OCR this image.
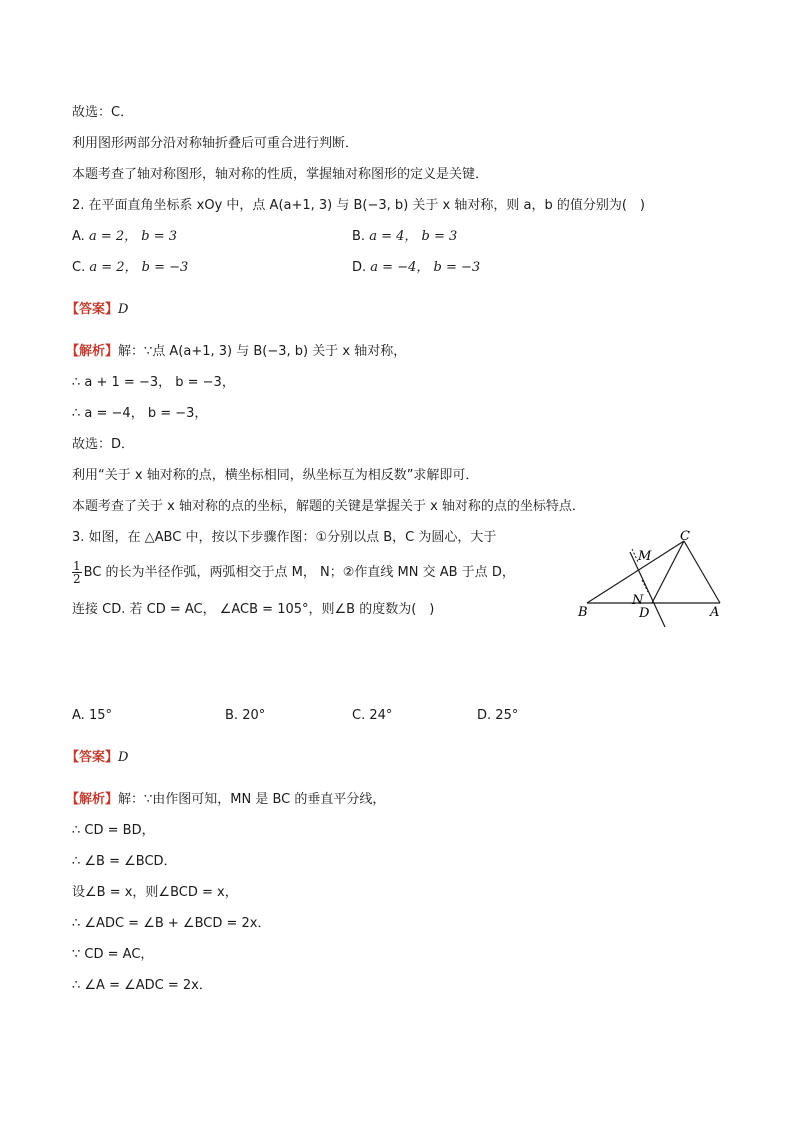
故选：C．
利用图形两部分沿对称轴折叠后可重合进行判断．
本题考查了轴对称图形，轴对称的性质，掌握轴对称图形的定义是关键．
2. 在平面直角坐标系 xOy 中，点 A(a+1, 3) 与 B(−3, b) 关于 x 轴对称，则 a，b 的值分别为(　)
A. a = 2， b = 3	B. a = 4， b = 3
C. a = 2， b = −3	D. a = −4， b = −3
【答案】D
【解析】解：∵点 A(a+1, 3) 与 B(−3, b) 关于 x 轴对称，
∴ a + 1 = −3， b = −3，
∴ a = −4， b = −3，
故选：D．
利用“关于 x 轴对称的点，横坐标相同，纵坐标互为相反数”求解即可．
本题考查了关于 x 轴对称的点的坐标，解题的关键是掌握关于 x 轴对称的点的坐标特点．
3. 如图，在 △ABC 中，按以下步骤作图：①分别以点 B，C 为圆心，大于
$\frac{1}{2}$ BC 的长为半径作弧，两弧相交于点 M， N；②作直线 MN 交 AB 于点 D，
连接 CD. 若 CD = AC， ∠ACB = 105°，则∠B 的度数为(　)	B	D	A
C
M
N
A. 15°	B. 20°	C. 24°	D. 25°
【答案】D
【解析】解：∵由作图可知，MN 是 BC 的垂直平分线，
∴ CD = BD，
∴ ∠B = ∠BCD．
设∠B = x，则∠BCD = x，
∴ ∠ADC = ∠B + ∠BCD = 2x．
∵ CD = AC，
∴ ∠A = ∠ADC = 2x．
